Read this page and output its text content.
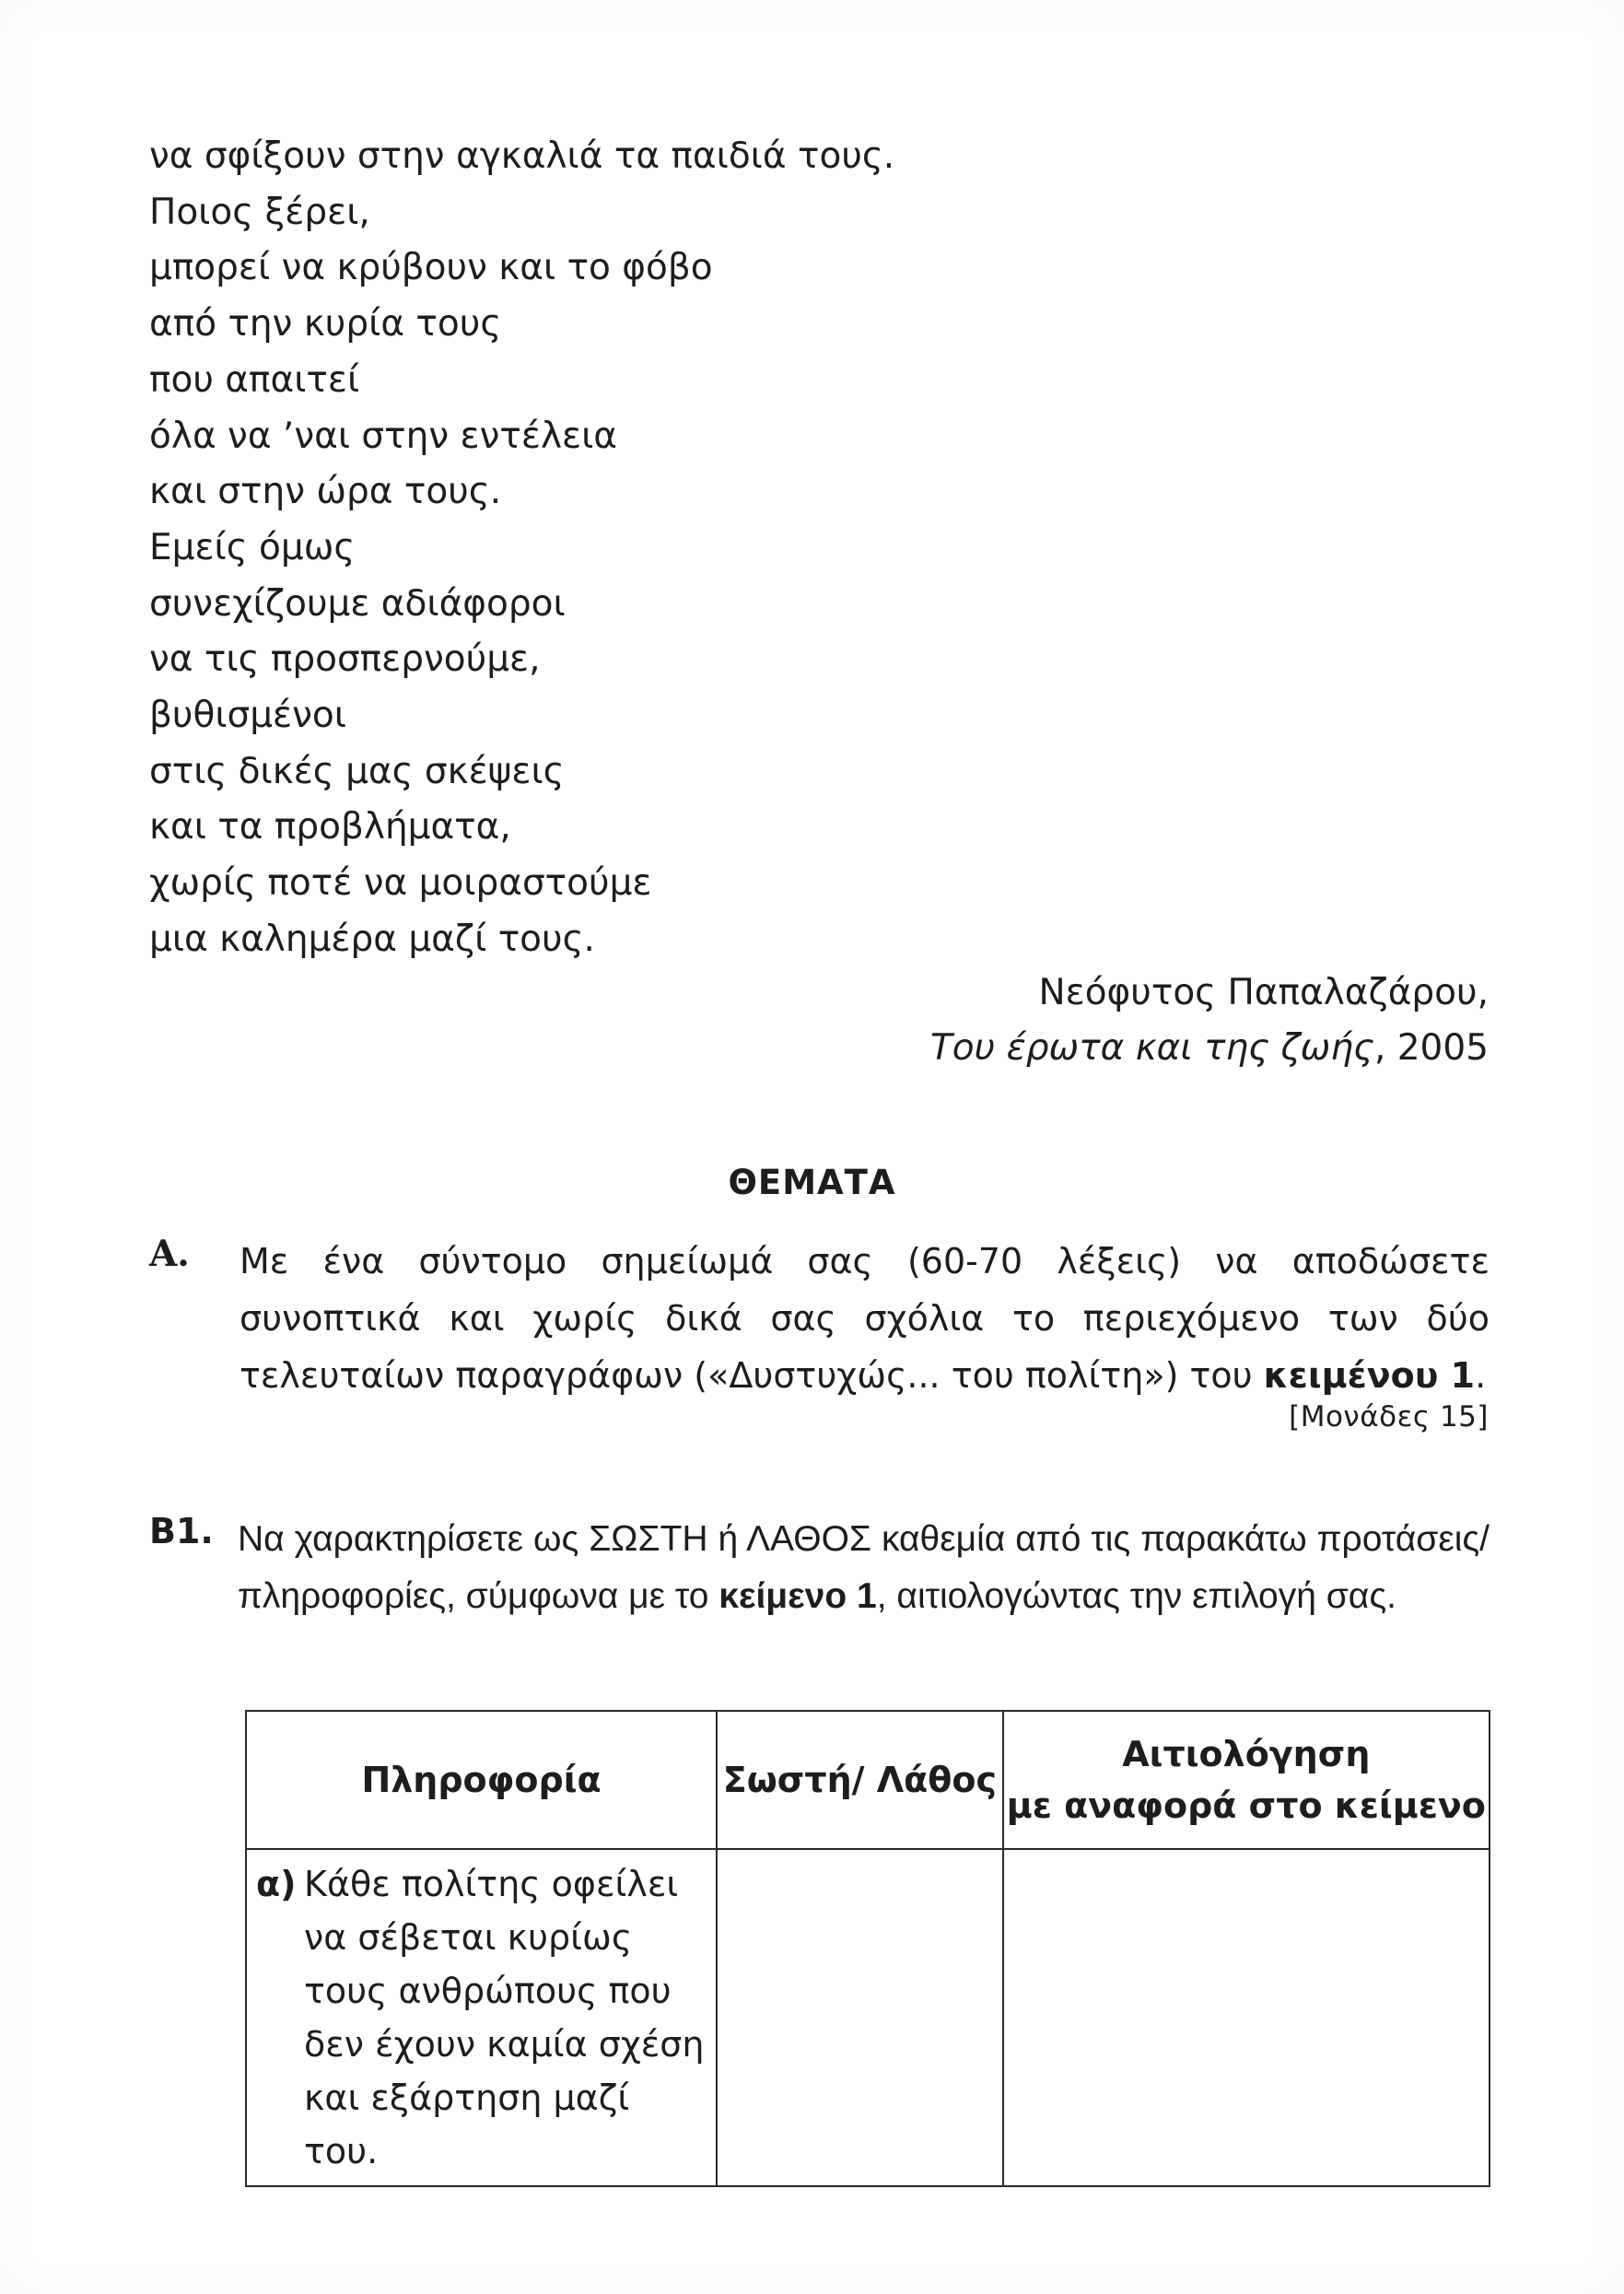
να σφίξουν στην αγκαλιά τα παιδιά τους.
Ποιος ξέρει,
μπορεί να κρύβουν και το φόβο
από την κυρία τους
που απαιτεί
όλα να ’ναι στην εντέλεια
και στην ώρα τους.
Εμείς όμως
συνεχίζουμε αδιάφοροι
να τις προσπερνούμε,
βυθισμένοι
στις δικές μας σκέψεις
και τα προβλήματα,
χωρίς ποτέ να μοιραστούμε
μια καλημέρα μαζί τους.
Νεόφυτος Παπαλαζάρου,
Του έρωτα και της ζωής, 2005
ΘΕΜΑΤΑ
Α. Με ένα σύντομο σημείωμά σας (60-70 λέξεις) να αποδώσετε συνοπτικά και χωρίς δικά σας σχόλια το περιεχόμενο των δύο τελευταίων παραγράφων («Δυστυχώς... του πολίτη») του κειμένου 1.
[Μονάδες 15]
Β1. Να χαρακτηρίσετε ως ΣΩΣΤΗ ή ΛΑΘΟΣ καθεμία από τις παρακάτω προτάσεις/ πληροφορίες, σύμφωνα με το κείμενο 1, αιτιολογώντας την επιλογή σας.
Πληροφορία	Σωστή/ Λάθος	Αιτιολόγηση
με αναφορά στο κείμενο

α) Κάθε πολίτης οφείλει να σέβεται κυρίως τους ανθρώπους που δεν έχουν καμία σχέση και εξάρτηση μαζί του.		
